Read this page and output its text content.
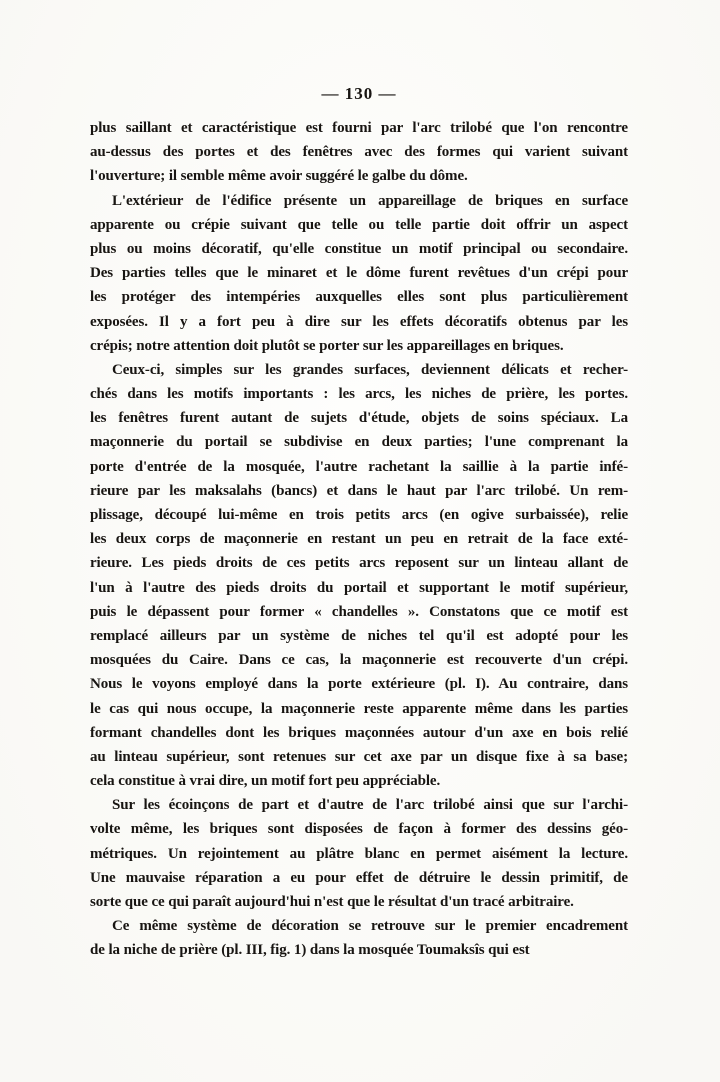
— 130 —
plus saillant et caractéristique est fourni par l'arc trilobé que l'on rencontre
au-dessus des portes et des fenêtres avec des formes qui varient suivant
l'ouverture; il semble même avoir suggéré le galbe du dôme.
L'extérieur de l'édifice présente un appareillage de briques en surface
apparente ou crépie suivant que telle ou telle partie doit offrir un aspect
plus ou moins décoratif, qu'elle constitue un motif principal ou secondaire.
Des parties telles que le minaret et le dôme furent revêtues d'un crépi pour
les protéger des intempéries auxquelles elles sont plus particulièrement
exposées. Il y a fort peu à dire sur les effets décoratifs obtenus par les
crépis; notre attention doit plutôt se porter sur les appareillages en briques.
Ceux-ci, simples sur les grandes surfaces, deviennent délicats et recher-
chés dans les motifs importants : les arcs, les niches de prière, les portes.
les fenêtres furent autant de sujets d'étude, objets de soins spéciaux. La
maçonnerie du portail se subdivise en deux parties; l'une comprenant la
porte d'entrée de la mosquée, l'autre rachetant la saillie à la partie infé-
rieure par les maksalahs (bancs) et dans le haut par l'arc trilobé. Un rem-
plissage, découpé lui-même en trois petits arcs (en ogive surbaissée), relie
les deux corps de maçonnerie en restant un peu en retrait de la face exté-
rieure. Les pieds droits de ces petits arcs reposent sur un linteau allant de
l'un à l'autre des pieds droits du portail et supportant le motif supérieur,
puis le dépassent pour former « chandelles ». Constatons que ce motif est
remplacé ailleurs par un système de niches tel qu'il est adopté pour les
mosquées du Caire. Dans ce cas, la maçonnerie est recouverte d'un crépi.
Nous le voyons employé dans la porte extérieure (pl. I). Au contraire, dans
le cas qui nous occupe, la maçonnerie reste apparente même dans les parties
formant chandelles dont les briques maçonnées autour d'un axe en bois relié
au linteau supérieur, sont retenues sur cet axe par un disque fixe à sa base;
cela constitue à vrai dire, un motif fort peu appréciable.
Sur les écoinçons de part et d'autre de l'arc trilobé ainsi que sur l'archi-
volte même, les briques sont disposées de façon à former des dessins géo-
métriques. Un rejointement au plâtre blanc en permet aisément la lecture.
Une mauvaise réparation a eu pour effet de détruire le dessin primitif, de
sorte que ce qui paraît aujourd'hui n'est que le résultat d'un tracé arbitraire.
Ce même système de décoration se retrouve sur le premier encadrement
de la niche de prière (pl. III, fig. 1) dans la mosquée Toumaksîs qui est
